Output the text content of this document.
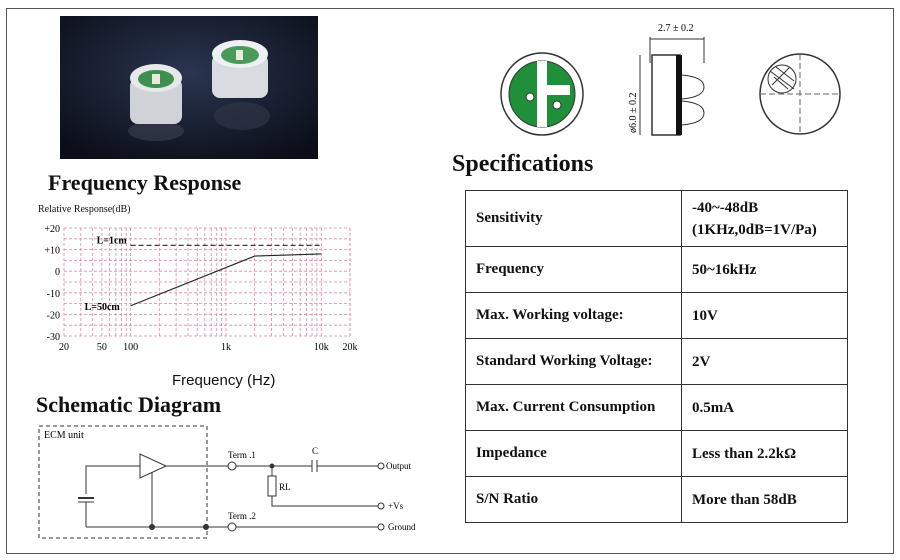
2.7 ± 0.2
ø6.0 ± 0.2
Frequency Response
Schematic Diagram
Specifications
Relative Response(dB)
+20
+10
0
-10
-20
-30
20	50 100	1k	10k 20k
L=1cm
L=50cm
Frequency (Hz)
ECM unit
Term .1
Term .2
C
Output
RL
+Vs
Ground
Sensitivity	-40~-48dB
(1KHz,0dB=1V/Pa)

Frequency	50~16kHz

Max. Working voltage:	10V

Standard Working Voltage:	2V

Max. Current Consumption	0.5mA

Impedance	Less than 2.2kΩ

S/N Ratio	More than 58dB
